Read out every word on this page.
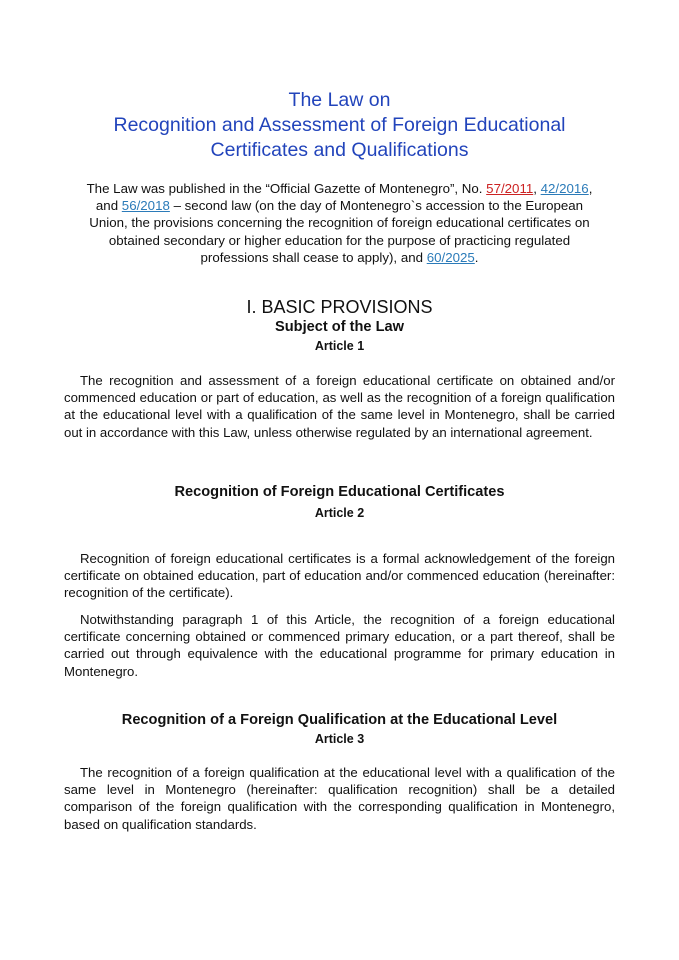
The Law on
Recognition and Assessment of Foreign Educational
Certificates and Qualifications
The Law was published in the “Official Gazette of Montenegro”, No. 57/2011, 42/2016, and 56/2018 – second law (on the day of Montenegro`s accession to the European Union, the provisions concerning the recognition of foreign educational certificates on obtained secondary or higher education for the purpose of practicing regulated professions shall cease to apply), and 60/2025.
I. BASIC PROVISIONS
Subject of the Law
Article 1
The recognition and assessment of a foreign educational certificate on obtained and/or commenced education or part of education, as well as the recognition of a foreign qualification at the educational level with a qualification of the same level in Montenegro, shall be carried out in accordance with this Law, unless otherwise regulated by an international agreement.
Recognition of Foreign Educational Certificates
Article 2
Recognition of foreign educational certificates is a formal acknowledgement of the foreign certificate on obtained education, part of education and/or commenced education (hereinafter: recognition of the certificate).
Notwithstanding paragraph 1 of this Article, the recognition of a foreign educational certificate concerning obtained or commenced primary education, or a part thereof, shall be carried out through equivalence with the educational programme for primary education in Montenegro.
Recognition of a Foreign Qualification at the Educational Level
Article 3
The recognition of a foreign qualification at the educational level with a qualification of the same level in Montenegro (hereinafter: qualification recognition) shall be a detailed comparison of the foreign qualification with the corresponding qualification in Montenegro, based on qualification standards.
